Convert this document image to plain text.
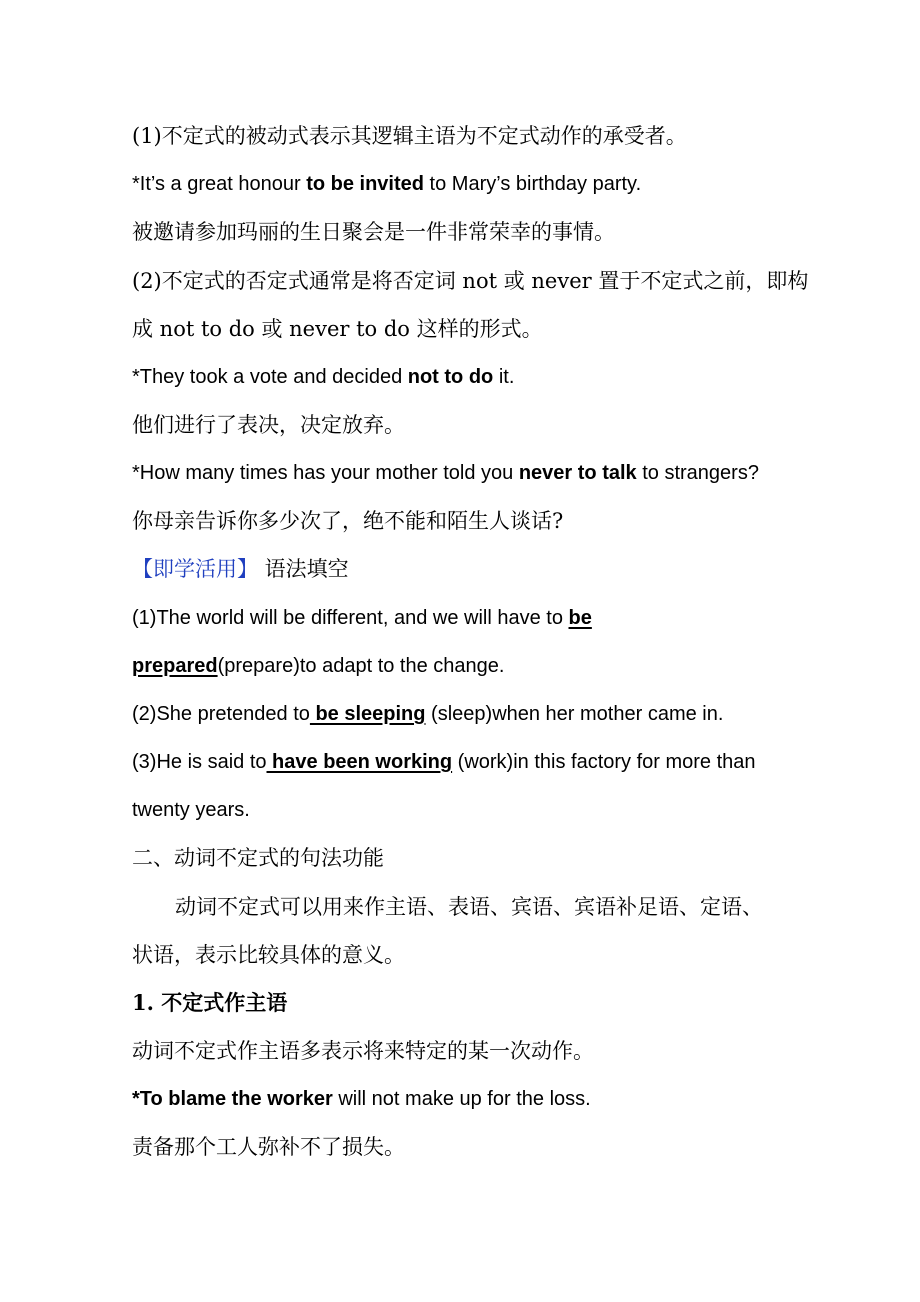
(1)不定式的被动式表示其逻辑主语为不定式动作的承受者。
*It’s a great honour to be invited to Mary’s birthday party.
被邀请参加玛丽的生日聚会是一件非常荣幸的事情。
(2)不定式的否定式通常是将否定词 not 或 never 置于不定式之前，即构
成 not to do 或 never to do 这样的形式。
*They took a vote and decided not to do it.
他们进行了表决，决定放弃。
*How many times has your mother told you never to talk to strangers?
你母亲告诉你多少次了，绝不能和陌生人谈话?
【即学活用】 语法填空
(1)The world will be different, and we will have to be
prepared(prepare)to adapt to the change.
(2)She pretended to be sleeping (sleep)when her mother came in.
(3)He is said to have been working (work)in this factory for more than
twenty years.
二、动词不定式的句法功能
动词不定式可以用来作主语、表语、宾语、宾语补足语、定语、
状语，表示比较具体的意义。
1. 不定式作主语
动词不定式作主语多表示将来特定的某一次动作。
*To blame the worker will not make up for the loss.
责备那个工人弥补不了损失。
